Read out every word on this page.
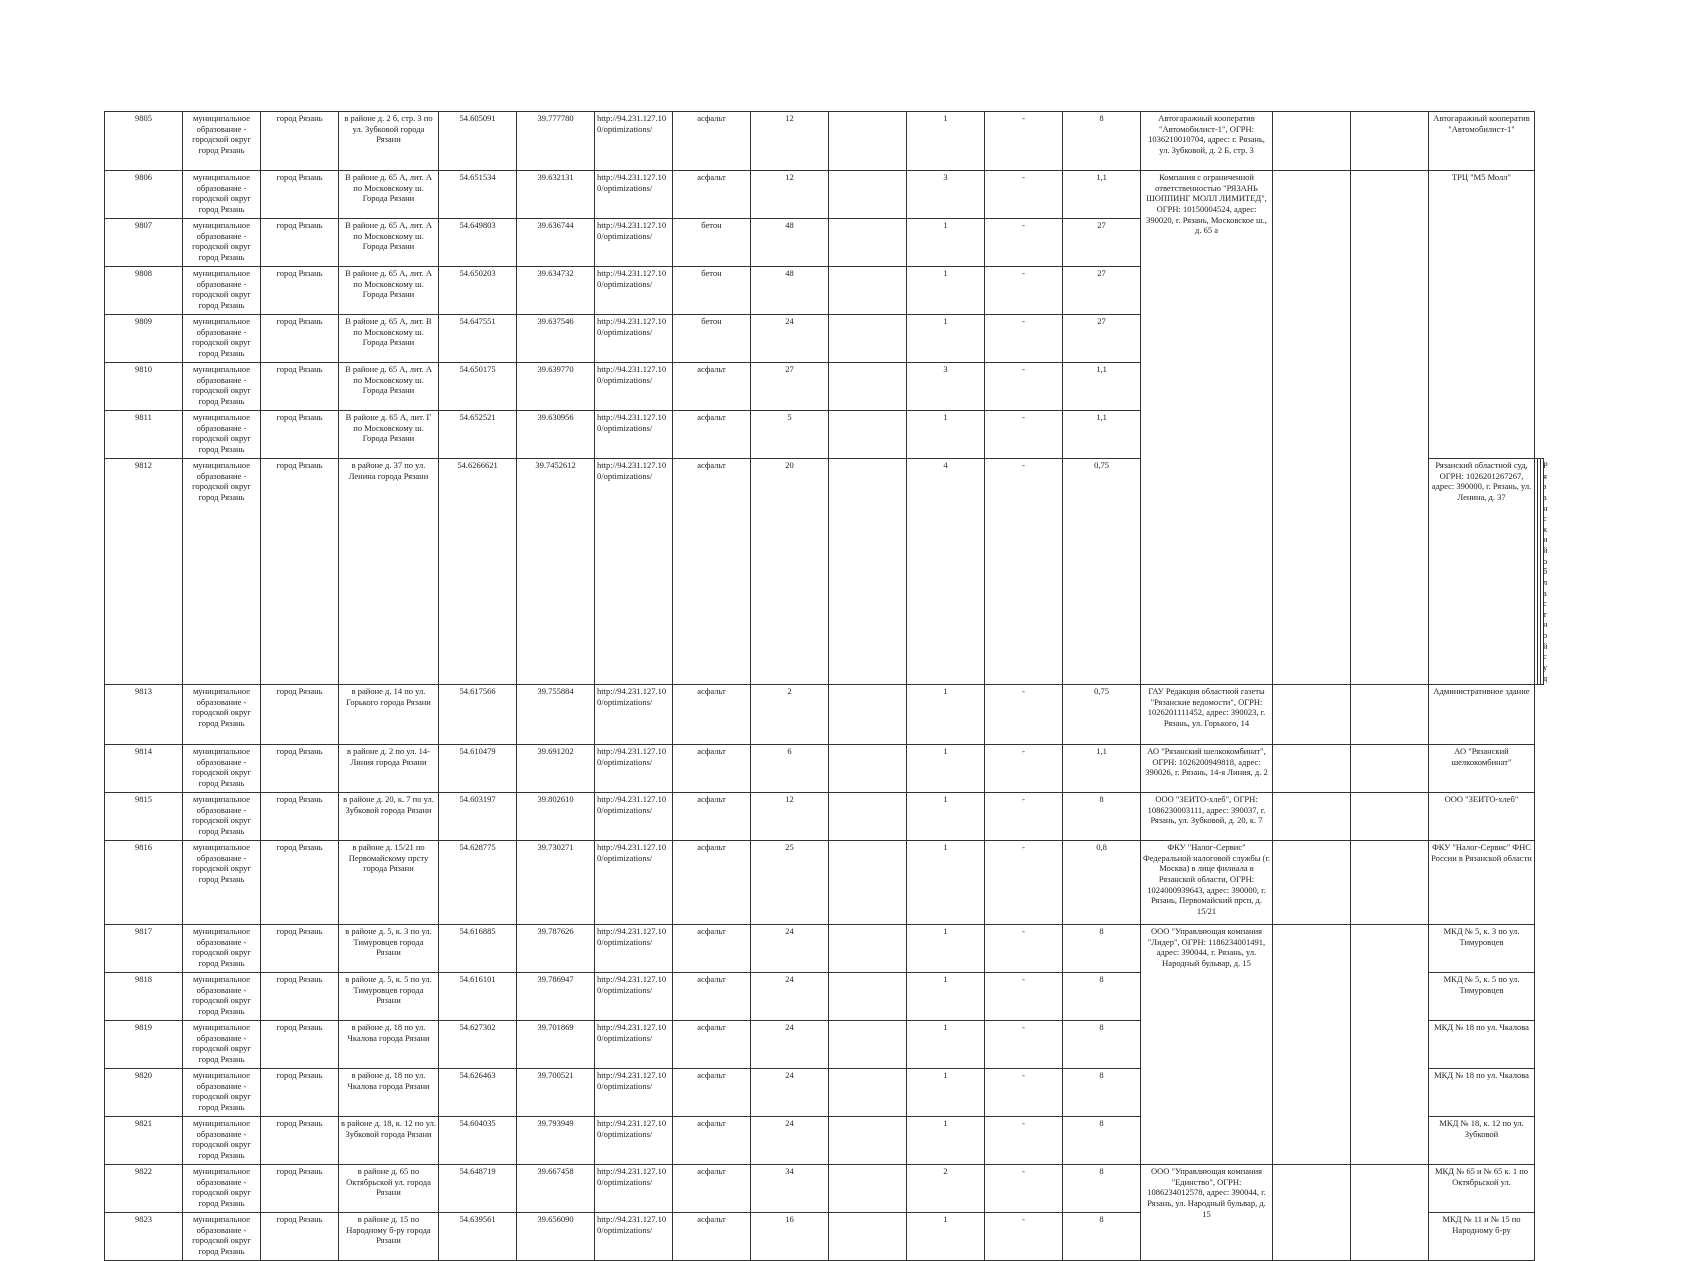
9805	муниципальное образование - городской округ город Рязань	город Рязань	в районе д. 2 б, стр. 3 по ул. Зубковой города Рязани	54.605091	39.777780	http://94.231.127.100/optimizations/	асфальт	12		1	-	8	Автогаражный кооператив "Автомобилист-1", ОГРН: 1036210010704, адрес: г. Рязань, ул. Зубковой, д. 2 Б, стр. 3			Автогаражный кооператив "Автомобилист-1"			
9806	муниципальное образование - городской округ город Рязань	город Рязань	В районе д. 65 А, лит. А по Московскому ш. Города Рязани	54.651534	39.632131	http://94.231.127.100/optimizations/	асфальт	12		3	-	1,1	Компания с ограниченной ответственностью "РЯЗАНЬ ШОППИНГ МОЛЛ ЛИМИТЕД", ОГРН: 10150004524, адрес: 390020, г. Рязань, Московское ш., д. 65 а			ТРЦ "М5 Молл"			
9807	муниципальное образование - городской округ город Рязань	город Рязань	В районе д. 65 А, лит. А по Московскому ш. Города Рязани	54.649803	39.636744	http://94.231.127.100/optimizations/	бетон	48		1	-	27							
9808	муниципальное образование - городской округ город Рязань	город Рязань	В районе д. 65 А, лит. А по Московскому ш. Города Рязани	54.650203	39.634732	http://94.231.127.100/optimizations/	бетон	48		1	-	27							
9809	муниципальное образование - городской округ город Рязань	город Рязань	В районе д. 65 А, лит. В по Московскому ш. Города Рязани	54.647551	39.637546	http://94.231.127.100/optimizations/	бетон	24		1	-	27							
9810	муниципальное образование - городской округ город Рязань	город Рязань	В районе д. 65 А, лит. А по Московскому ш. Города Рязани	54.650175	39.639770	http://94.231.127.100/optimizations/	асфальт	27		3	-	1,1							
9811	муниципальное образование - городской округ город Рязань	город Рязань	В районе д. 65 А, лит. Г по Московскому ш. Города Рязани	54.652521	39.630956	http://94.231.127.100/optimizations/	асфальт	5		1	-	1,1							
9812	муниципальное образование - городской округ город Рязань	город Рязань	в районе д. 37 по ул. Ленина города Рязани	54.6266621	39.7452612	http://94.231.127.100/optimizations/	асфальт	20		4	-	0,75				Рязанский областной суд, ОГРН: 1026201267267, адрес: 390000, г. Рязань, ул. Ленина, д. 37			Рязанский областной суд
9813	муниципальное образование - городской округ город Рязань	город Рязань	в районе д. 14 по ул. Горького города Рязани	54.617566	39.755884	http://94.231.127.100/optimizations/	асфальт	2		1	-	0,75	ГАУ Редакция областной газеты "Рязанские ведомости", ОГРН: 1026201111452, адрес: 390023, г. Рязань, ул. Горького, 14			Административное здание			
9814	муниципальное образование - городской округ город Рязань	город Рязань	в районе д. 2 по ул. 14-Линия города Рязани	54.610479	39.691202	http://94.231.127.100/optimizations/	асфальт	6		1	-	1,1	АО "Рязанский шелкокомбинат", ОГРН: 1026200949818, адрес: 390026, г. Рязань, 14-я Линия, д. 2			АО "Рязанский шелкокомбинат"			
9815	муниципальное образование - городской округ город Рязань	город Рязань	в районе д. 20, к. 7 по ул. Зубковой города Рязани	54.603197	39.802610	http://94.231.127.100/optimizations/	асфальт	12		1	-	8	ООО "ЗЕИТО-хлеб", ОГРН: 1086230003111, адрес: 390037, г. Рязань, ул. Зубковой, д. 20, к. 7			ООО "ЗЕИТО-хлеб"			
9816	муниципальное образование - городской округ город Рязань	город Рязань	в районе д. 15/21 по Первомайскому прсту города Рязани	54.628775	39.730271	http://94.231.127.100/optimizations/	асфальт	25		1	-	0,8	ФКУ "Налог-Сервис" Федеральной налоговой службы (г. Москва) в лице филиала в Рязанской области, ОГРН: 1024000939643, адрес: 390000, г. Рязань, Первомайский прсп, д. 15/21			ФКУ "Налог-Сервис" ФНС России в Рязанской области			
9817	муниципальное образование - городской округ город Рязань	город Рязань	в районе д. 5, к. 3 по ул. Тимуровцев города Рязани	54.616885	39.787626	http://94.231.127.100/optimizations/	асфальт	24		1	-	8	ООО "Управляющая компания "Лидер", ОГРН: 1186234001491, адрес: 390044, г. Рязань, ул. Народный бульвар, д. 15			МКД № 5, к. 3 по ул. Тимуровцев			
9818	муниципальное образование - городской округ город Рязань	город Рязань	в районе д. 5, к. 5 по ул. Тимуровцев города Рязани	54.616101	39.786947	http://94.231.127.100/optimizations/	асфальт	24		1	-	8				МКД № 5, к. 5 по ул. Тимуровцев			
9819	муниципальное образование - городской округ город Рязань	город Рязань	в районе д. 18 по ул. Чкалова города Рязани	54.627302	39.701869	http://94.231.127.100/optimizations/	асфальт	24		1	-	8				МКД № 18 по ул. Чкалова			
9820	муниципальное образование - городской округ город Рязань	город Рязань	в районе д. 18 по ул. Чкалова города Рязани	54.626463	39.700521	http://94.231.127.100/optimizations/	асфальт	24		1	-	8				МКД № 18 по ул. Чкалова			
9821	муниципальное образование - городской округ город Рязань	город Рязань	в районе д. 18, к. 12 по ул. Зубковой города Рязани	54.604035	39.793949	http://94.231.127.100/optimizations/	асфальт	24		1	-	8				МКД № 18, к. 12 по ул. Зубковой			
9822	муниципальное образование - городской округ город Рязань	город Рязань	в районе д. 65 по Октябрьской ул. города Рязани	54.648719	39.667458	http://94.231.127.100/optimizations/	асфальт	34		2	-	8	ООО "Управляющая компания "Единство", ОГРН: 1086234012578, адрес: 390044, г. Рязань, ул. Народный бульвар, д. 15			МКД № 65 и № 65 к. 1 по Октябрьской ул.			
9823	муниципальное образование - городской округ город Рязань	город Рязань	в районе д. 15 по Народному б-ру города Рязани	54.639561	39.656090	http://94.231.127.100/optimizations/	асфальт	16		1	-	8				МКД № 11 и № 15 по Народному б-ру			
